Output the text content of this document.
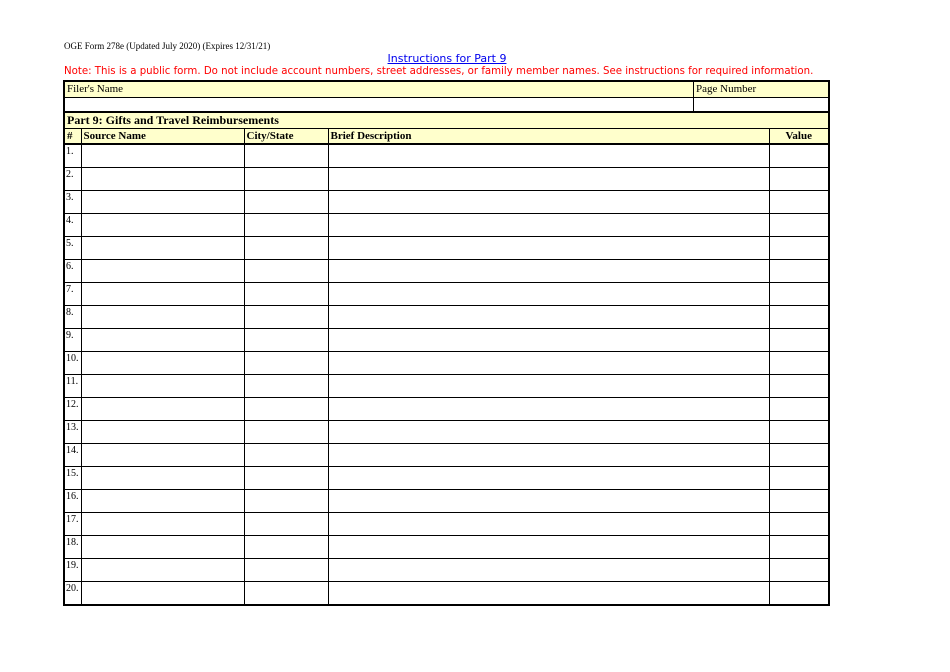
OGE Form 278e (Updated July 2020) (Expires 12/31/21)
Instructions for Part 9
Note: This is a public form. Do not include account numbers, street addresses, or family member names. See instructions for required information.
Filer's Name	Page Number
Part 9: Gifts and Travel Reimbursements
#	Source Name	City/State	Brief Description	Value
1.				
2.				
3.				
4.				
5.				
6.				
7.				
8.				
9.				
10.				
11.				
12.				
13.				
14.				
15.				
16.				
17.				
18.				
19.				
20.				
